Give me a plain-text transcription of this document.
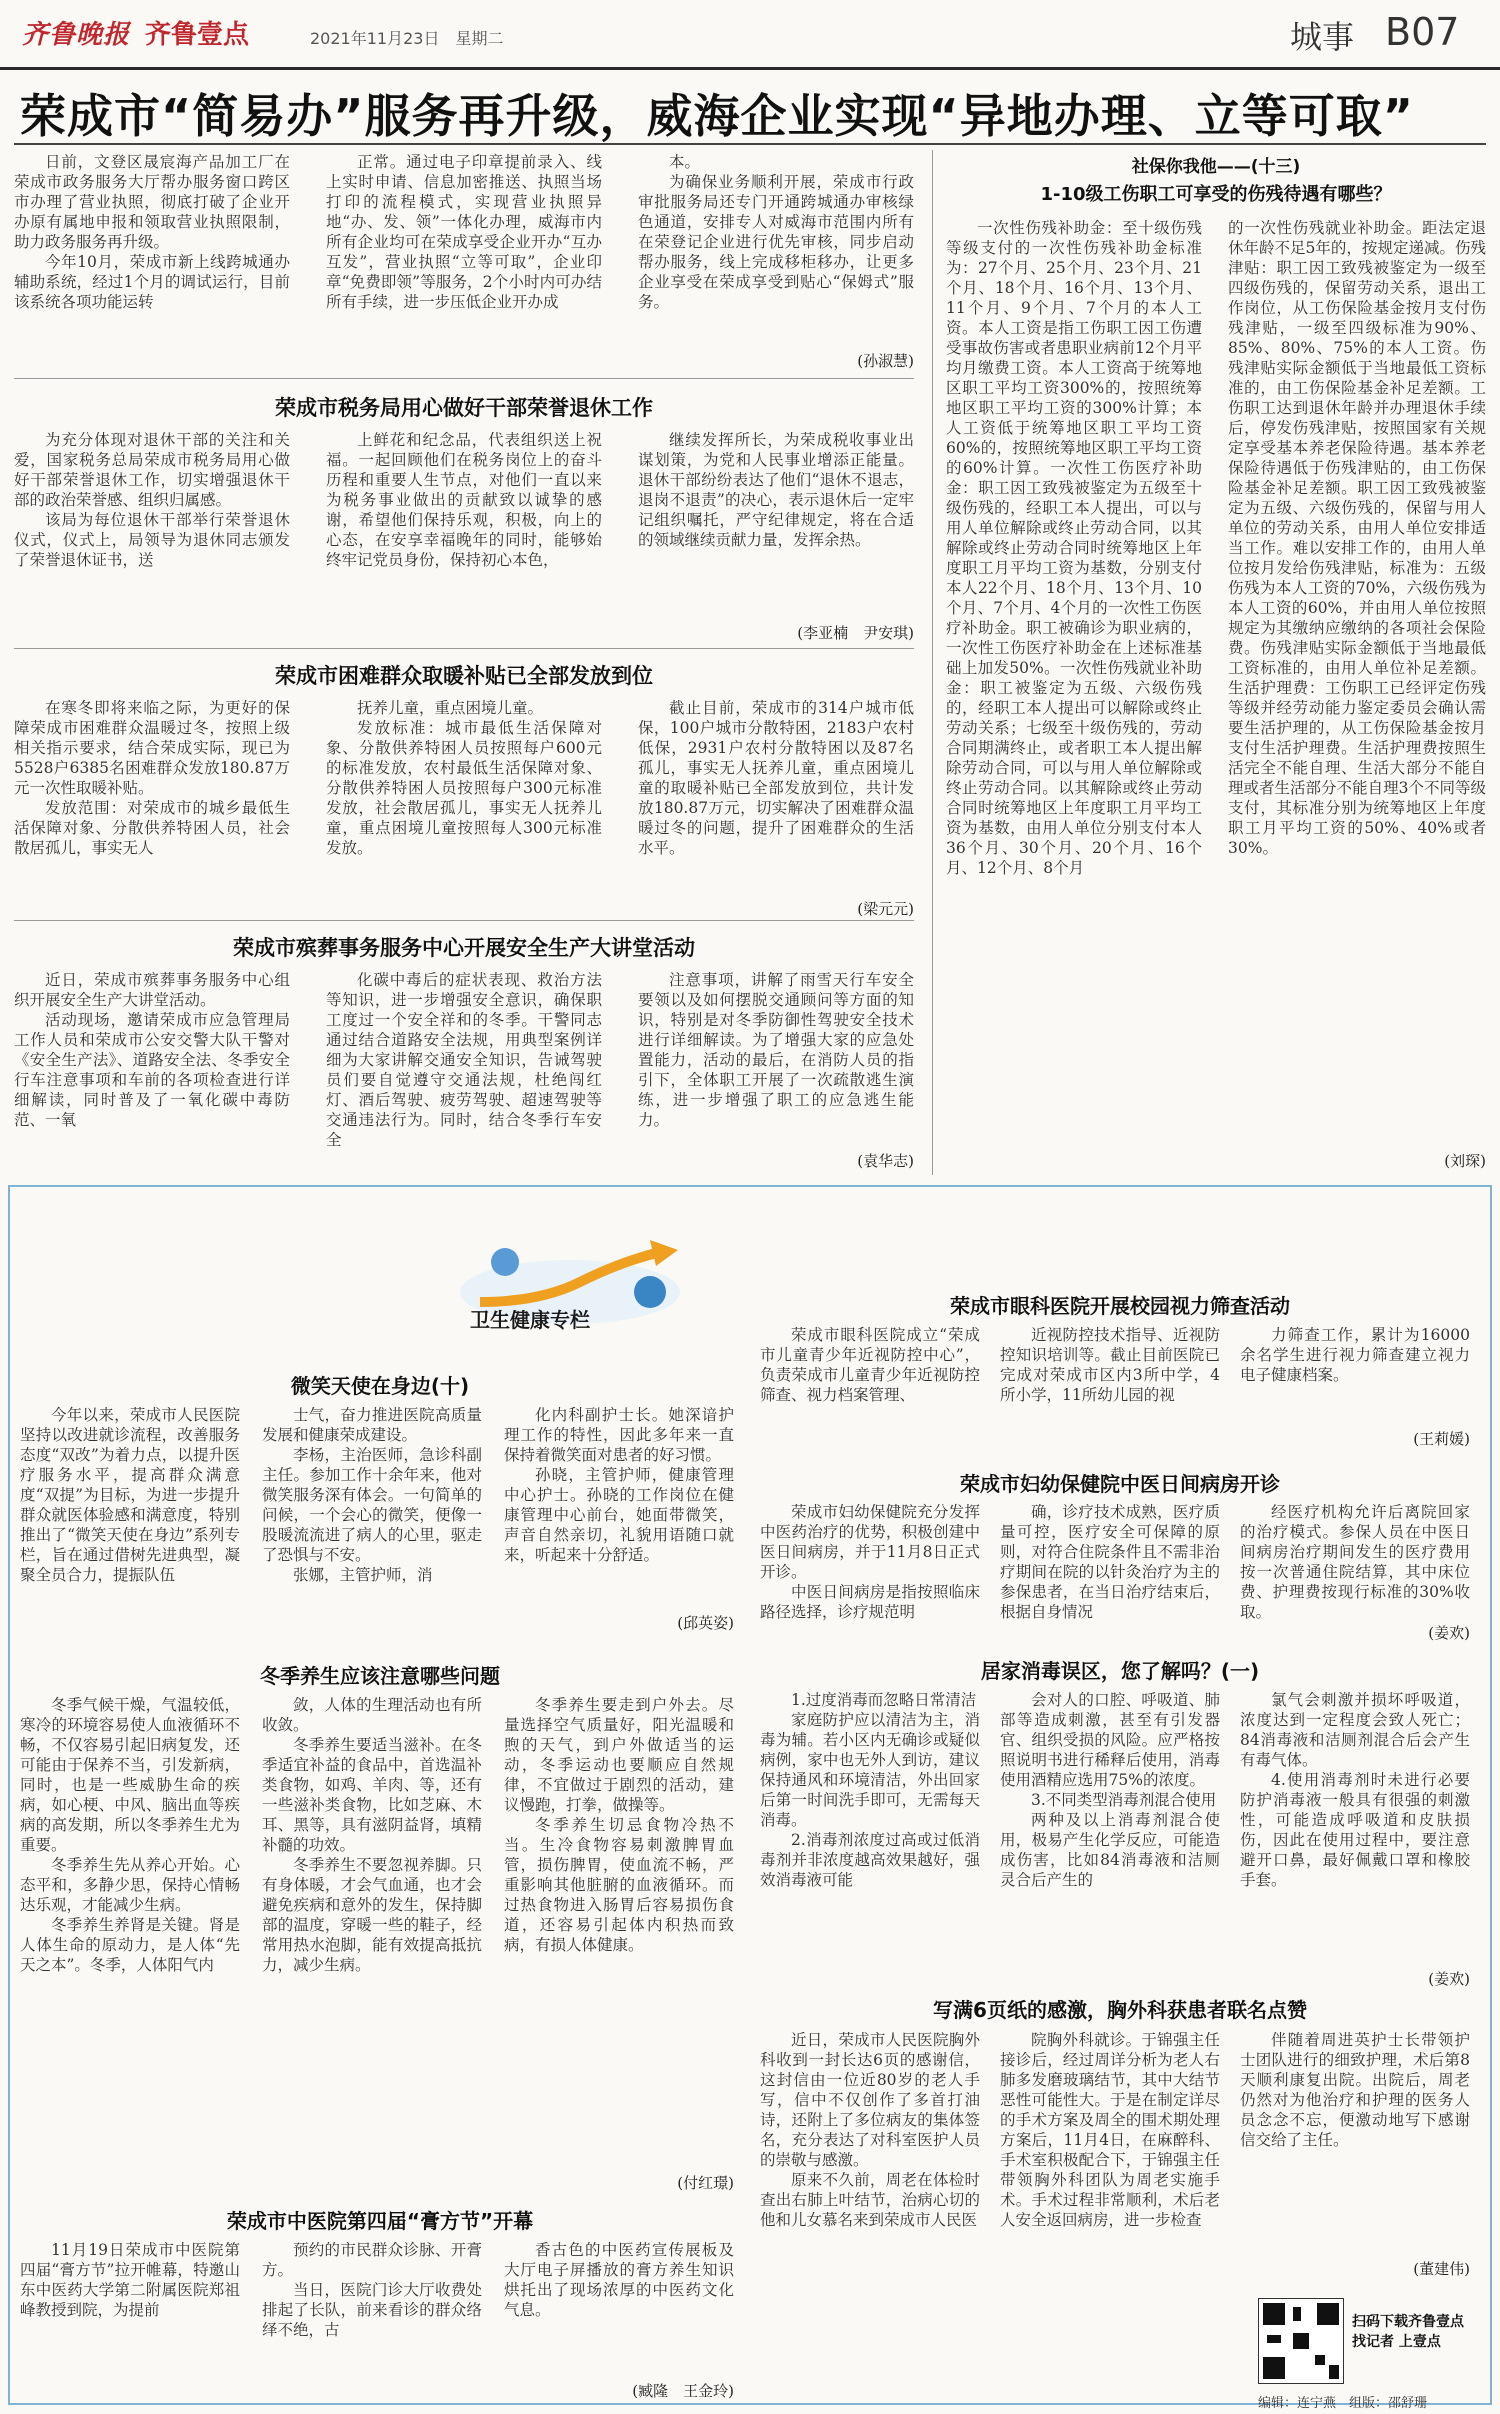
齐鲁晚报 齐鲁壹点	2021年11月23日　 星期二	城事 B07
荣成市“简易办”服务再升级，威海企业实现“异地办理、立等可取”

日前，文登区晟宸海产品加工厂在荣成市政务服务大厅帮办服务窗口跨区市办理了营业执照，彻底打破了企业开办原有属地申报和领取营业执照限制，助力政务服务再升级。

今年10月，荣成市新上线跨城通办辅助系统，经过1个月的调试运行，目前该系统各项功能运转

正常。通过电子印章提前录入、线上实时申请、信息加密推送、执照当场打印的流程模式，实现营业执照异地“办、发、领”一体化办理，威海市内所有企业均可在荣成享受企业开办“互办互发”，营业执照“立等可取”，企业印章“免费即领”等服务，2个小时内可办结所有手续，进一步压低企业开办成

本。

为确保业务顺利开展，荣成市行政审批服务局还专门开通跨城通办审核绿色通道，安排专人对威海市范围内所有在荣登记企业进行优先审核，同步启动帮办服务，线上完成移柜移办，让更多企业享受在荣成享受到贴心“保姆式”服务。

(孙淑慧)
荣成市税务局用心做好干部荣誉退休工作

为充分体现对退休干部的关注和关爱，国家税务总局荣成市税务局用心做好干部荣誉退休工作，切实增强退休干部的政治荣誉感、组织归属感。

该局为每位退休干部举行荣誉退休仪式，仪式上，局领导为退休同志颁发了荣誉退休证书，送

上鲜花和纪念品，代表组织送上祝福。一起回顾他们在税务岗位上的奋斗历程和重要人生节点，对他们一直以来为税务事业做出的贡献致以诚挚的感谢，希望他们保持乐观，积极，向上的心态，在安享幸福晚年的同时，能够始终牢记党员身份，保持初心本色，

继续发挥所长，为荣成税收事业出谋划策，为党和人民事业增添正能量。退休干部纷纷表达了他们“退休不退志，退岗不退责”的决心，表示退休后一定牢记组织嘱托，严守纪律规定，将在合适的领域继续贡献力量，发挥余热。

(李亚楠　尹安琪)
荣成市困难群众取暖补贴已全部发放到位

在寒冬即将来临之际，为更好的保障荣成市困难群众温暖过冬，按照上级相关指示要求，结合荣成实际，现已为5528户6385名困难群众发放180.87万元一次性取暖补贴。

发放范围：对荣成市的城乡最低生活保障对象、分散供养特困人员，社会散居孤儿，事实无人

抚养儿童，重点困境儿童。

发放标准：城市最低生活保障对象、分散供养特困人员按照每户600元的标准发放，农村最低生活保障对象、分散供养特困人员按照每户300元标准发放，社会散居孤儿，事实无人抚养儿童，重点困境儿童按照每人300元标准发放。

截止目前，荣成市的314户城市低保，100户城市分散特困，2183户农村低保，2931户农村分散特困以及87名孤儿，事实无人抚养儿童，重点困境儿童的取暖补贴已全部发放到位，共计发放180.87万元，切实解决了困难群众温暖过冬的问题，提升了困难群众的生活水平。

(梁元元)
荣成市殡葬事务服务中心开展安全生产大讲堂活动

近日，荣成市殡葬事务服务中心组织开展安全生产大讲堂活动。

活动现场，邀请荣成市应急管理局工作人员和荣成市公安交警大队干警对《安全生产法》、道路安全法、冬季安全行车注意事项和车前的各项检查进行详细解读，同时普及了一氧化碳中毒防范、一氧

化碳中毒后的症状表现、救治方法等知识，进一步增强安全意识，确保职工度过一个安全祥和的冬季。干警同志通过结合道路安全法规，用典型案例详细为大家讲解交通安全知识，告诫驾驶员们要自觉遵守交通法规，杜绝闯红灯、酒后驾驶、疲劳驾驶、超速驾驶等交通违法行为。同时，结合冬季行车安全

注意事项，讲解了雨雪天行车安全要领以及如何摆脱交通顾问等方面的知识，特别是对冬季防御性驾驶安全技术进行详细解读。为了增强大家的应急处置能力，活动的最后，在消防人员的指引下，全体职工开展了一次疏散逃生演练，进一步增强了职工的应急逃生能力。

(袁华志)
社保你我他——(十三)
1-10级工伤职工可享受的伤残待遇有哪些？

一次性伤残补助金：至十级伤残等级支付的一次性伤残补助金标准为：27个月、25个月、23个月、21个月、18个月、16个月、13个月、11个月、9个月、7个月的本人工资。本人工资是指工伤职工因工伤遭受事故伤害或者患职业病前12个月平均月缴费工资。本人工资高于统筹地区职工平均工资300%的，按照统筹地区职工平均工资的300%计算；本人工资低于统筹地区职工平均工资60%的，按照统筹地区职工平均工资的60%计算。一次性工伤医疗补助金：职工因工致残被鉴定为五级至十级伤残的，经职工本人提出，可以与用人单位解除或终止劳动合同，以其解除或终止劳动合同时统筹地区上年度职工月平均工资为基数，分别支付本人22个月、18个月、13个月、10个月、7个月、4个月的一次性工伤医疗补助金。职工被确诊为职业病的，一次性工伤医疗补助金在上述标准基础上加发50%。一次性伤残就业补助金：职工被鉴定为五级、六级伤残的，经职工本人提出可以解除或终止劳动关系；七级至十级伤残的，劳动合同期满终止，或者职工本人提出解除劳动合同，可以与用人单位解除或终止劳动合同。以其解除或终止劳动合同时统筹地区上年度职工月平均工资为基数，由用人单位分别支付本人36个月、30个月、20个月、16个月、12个月、8个月

的一次性伤残就业补助金。距法定退休年龄不足5年的，按规定递减。伤残津贴：职工因工致残被鉴定为一级至四级伤残的，保留劳动关系，退出工作岗位，从工伤保险基金按月支付伤残津贴，一级至四级标准为90%、85%、80%、75%的本人工资。伤残津贴实际金额低于当地最低工资标准的，由工伤保险基金补足差额。工伤职工达到退休年龄并办理退休手续后，停发伤残津贴，按照国家有关规定享受基本养老保险待遇。基本养老保险待遇低于伤残津贴的，由工伤保险基金补足差额。职工因工致残被鉴定为五级、六级伤残的，保留与用人单位的劳动关系，由用人单位安排适当工作。难以安排工作的，由用人单位按月发给伤残津贴，标准为：五级伤残为本人工资的70%，六级伤残为本人工资的60%，并由用人单位按照规定为其缴纳应缴纳的各项社会保险费。伤残津贴实际金额低于当地最低工资标准的，由用人单位补足差额。生活护理费：工伤职工已经评定伤残等级并经劳动能力鉴定委员会确认需要生活护理的，从工伤保险基金按月支付生活护理费。生活护理费按照生活完全不能自理、生活大部分不能自理或者生活部分不能自理3个不同等级支付，其标准分别为统筹地区上年度职工月平均工资的50%、40%或者30%。

(刘琛)
卫生健康专栏
荣成市眼科医院开展校园视力筛查活动

荣成市眼科医院成立“荣成市儿童青少年近视防控中心”，负责荣成市儿童青少年近视防控筛查、视力档案管理、

近视防控技术指导、近视防控知识培训等。截止目前医院已完成对荣成市区内3所中学，4所小学，11所幼儿园的视

力筛查工作，累计为16000余名学生进行视力筛查建立视力电子健康档案。

(王莉媛)
荣成市妇幼保健院中医日间病房开诊

荣成市妇幼保健院充分发挥中医药治疗的优势，积极创建中医日间病房，并于11月8日正式开诊。

中医日间病房是指按照临床路径选择，诊疗规范明

确，诊疗技术成熟，医疗质量可控，医疗安全可保障的原则，对符合住院条件且不需非治疗期间在院的以针灸治疗为主的参保患者，在当日治疗结束后，根据自身情况

经医疗机构允许后离院回家的治疗模式。参保人员在中医日间病房治疗期间发生的医疗费用按一次普通住院结算，其中床位费、护理费按现行标准的30%收取。

(姜欢)
微笑天使在身边(十)

今年以来，荣成市人民医院坚持以改进就诊流程，改善服务态度“双改”为着力点，以提升医疗服务水平，提高群众满意度“双提”为目标，为进一步提升群众就医体验感和满意度，特别推出了“微笑天使在身边”系列专栏，旨在通过借树先进典型，凝聚全员合力，提振队伍

士气，奋力推进医院高质量发展和健康荣成建设。

李杨，主治医师，急诊科副主任。参加工作十余年来，他对微笑服务深有体会。一句简单的问候，一个会心的微笑，便像一股暖流流进了病人的心里，驱走了恐惧与不安。

张娜，主管护师，消

化内科副护士长。她深谙护理工作的特性，因此多年来一直保持着微笑面对患者的好习惯。

孙晓，主管护师，健康管理中心护士。孙晓的工作岗位在健康管理中心前台，她面带微笑，声音自然亲切，礼貌用语随口就来，听起来十分舒适。

(邱英姿)
冬季养生应该注意哪些问题

冬季气候干燥，气温较低，寒冷的环境容易使人血液循环不畅，不仅容易引起旧病复发，还可能由于保养不当，引发新病，同时，也是一些威胁生命的疾病，如心梗、中风、脑出血等疾病的高发期，所以冬季养生尤为重要。

冬季养生先从养心开始。心态平和，多静少思，保持心情畅达乐观，才能减少生病。

冬季养生养肾是关键。肾是人体生命的原动力，是人体“先天之本”。冬季，人体阳气内

敛，人体的生理活动也有所收敛。

冬季养生要适当滋补。在冬季适宜补益的食品中，首选温补类食物，如鸡、羊肉、等，还有一些滋补类食物，比如芝麻、木耳、黑等，具有滋阴益肾，填精补髓的功效。

冬季养生不要忽视养脚。只有身体暖，才会气血通，也才会避免疾病和意外的发生，保持脚部的温度，穿暖一些的鞋子，经常用热水泡脚，能有效提高抵抗力，减少生病。

冬季养生要走到户外去。尽量选择空气质量好，阳光温暖和煦的天气，到户外做适当的运动，冬季运动也要顺应自然规律，不宜做过于剧烈的活动，建议慢跑，打拳，做操等。

冬季养生切忌食物冷热不当。生冷食物容易刺激脾胃血管，损伤脾胃，使血流不畅，严重影响其他脏腑的血液循环。而过热食物进入肠胃后容易损伤食道，还容易引起体内积热而致病，有损人体健康。

(付红璟)
居家消毒误区，您了解吗？(一)

1.过度消毒而忽略日常清洁

家庭防护应以清洁为主，消毒为辅。若小区内无确诊或疑似病例，家中也无外人到访，建议保持通风和环境清洁，外出回家后第一时间洗手即可，无需每天消毒。

2.消毒剂浓度过高或过低消毒剂并非浓度越高效果越好，强效消毒液可能

会对人的口腔、呼吸道、肺部等造成刺激，甚至有引发器官、组织受损的风险。应严格按照说明书进行稀释后使用，消毒使用酒精应选用75%的浓度。

3.不同类型消毒剂混合使用

两种及以上消毒剂混合使用，极易产生化学反应，可能造成伤害，比如84消毒液和洁厕灵合后产生的

氯气会刺激并损坏呼吸道，浓度达到一定程度会致人死亡；84消毒液和洁厕剂混合后会产生有毒气体。

4.使用消毒剂时未进行必要防护消毒液一般具有很强的刺激性，可能造成呼吸道和皮肤损伤，因此在使用过程中，要注意避开口鼻，最好佩戴口罩和橡胶手套。

(姜欢)
写满6页纸的感激，胸外科获患者联名点赞

近日，荣成市人民医院胸外科收到一封长达6页的感谢信，这封信由一位近80岁的老人手写，信中不仅创作了多首打油诗，还附上了多位病友的集体签名，充分表达了对科室医护人员的崇敬与感激。

原来不久前，周老在体检时查出右肺上叶结节，治病心切的他和儿女慕名来到荣成市人民医

院胸外科就诊。于锦强主任接诊后，经过周详分析为老人右肺多发磨玻璃结节，其中大结节恶性可能性大。于是在制定详尽的手术方案及周全的围术期处理方案后，11月4日，在麻醉科、手术室积极配合下，于锦强主任带领胸外科团队为周老实施手术。手术过程非常顺利，术后老人安全返回病房，进一步检查

伴随着周进英护士长带领护士团队进行的细致护理，术后第8天顺利康复出院。出院后，周老仍然对为他治疗和护理的医务人员念念不忘，便激动地写下感谢信交给了主任。

(董建伟)
荣成市中医院第四届“膏方节”开幕

11月19日荣成市中医院第四届“膏方节”拉开帷幕，特邀山东中医药大学第二附属医院郑祖峰教授到院，为提前

预约的市民群众诊脉、开膏方。

当日，医院门诊大厅收费处排起了长队，前来看诊的群众络绎不绝，古

香古色的中医药宣传展板及大厅电子屏播放的膏方养生知识烘托出了现场浓厚的中医药文化气息。

(臧隆　王金玲)
扫码下载齐鲁壹点
找记者 上壹点
编辑：连宁燕　组版：邵舒珊
